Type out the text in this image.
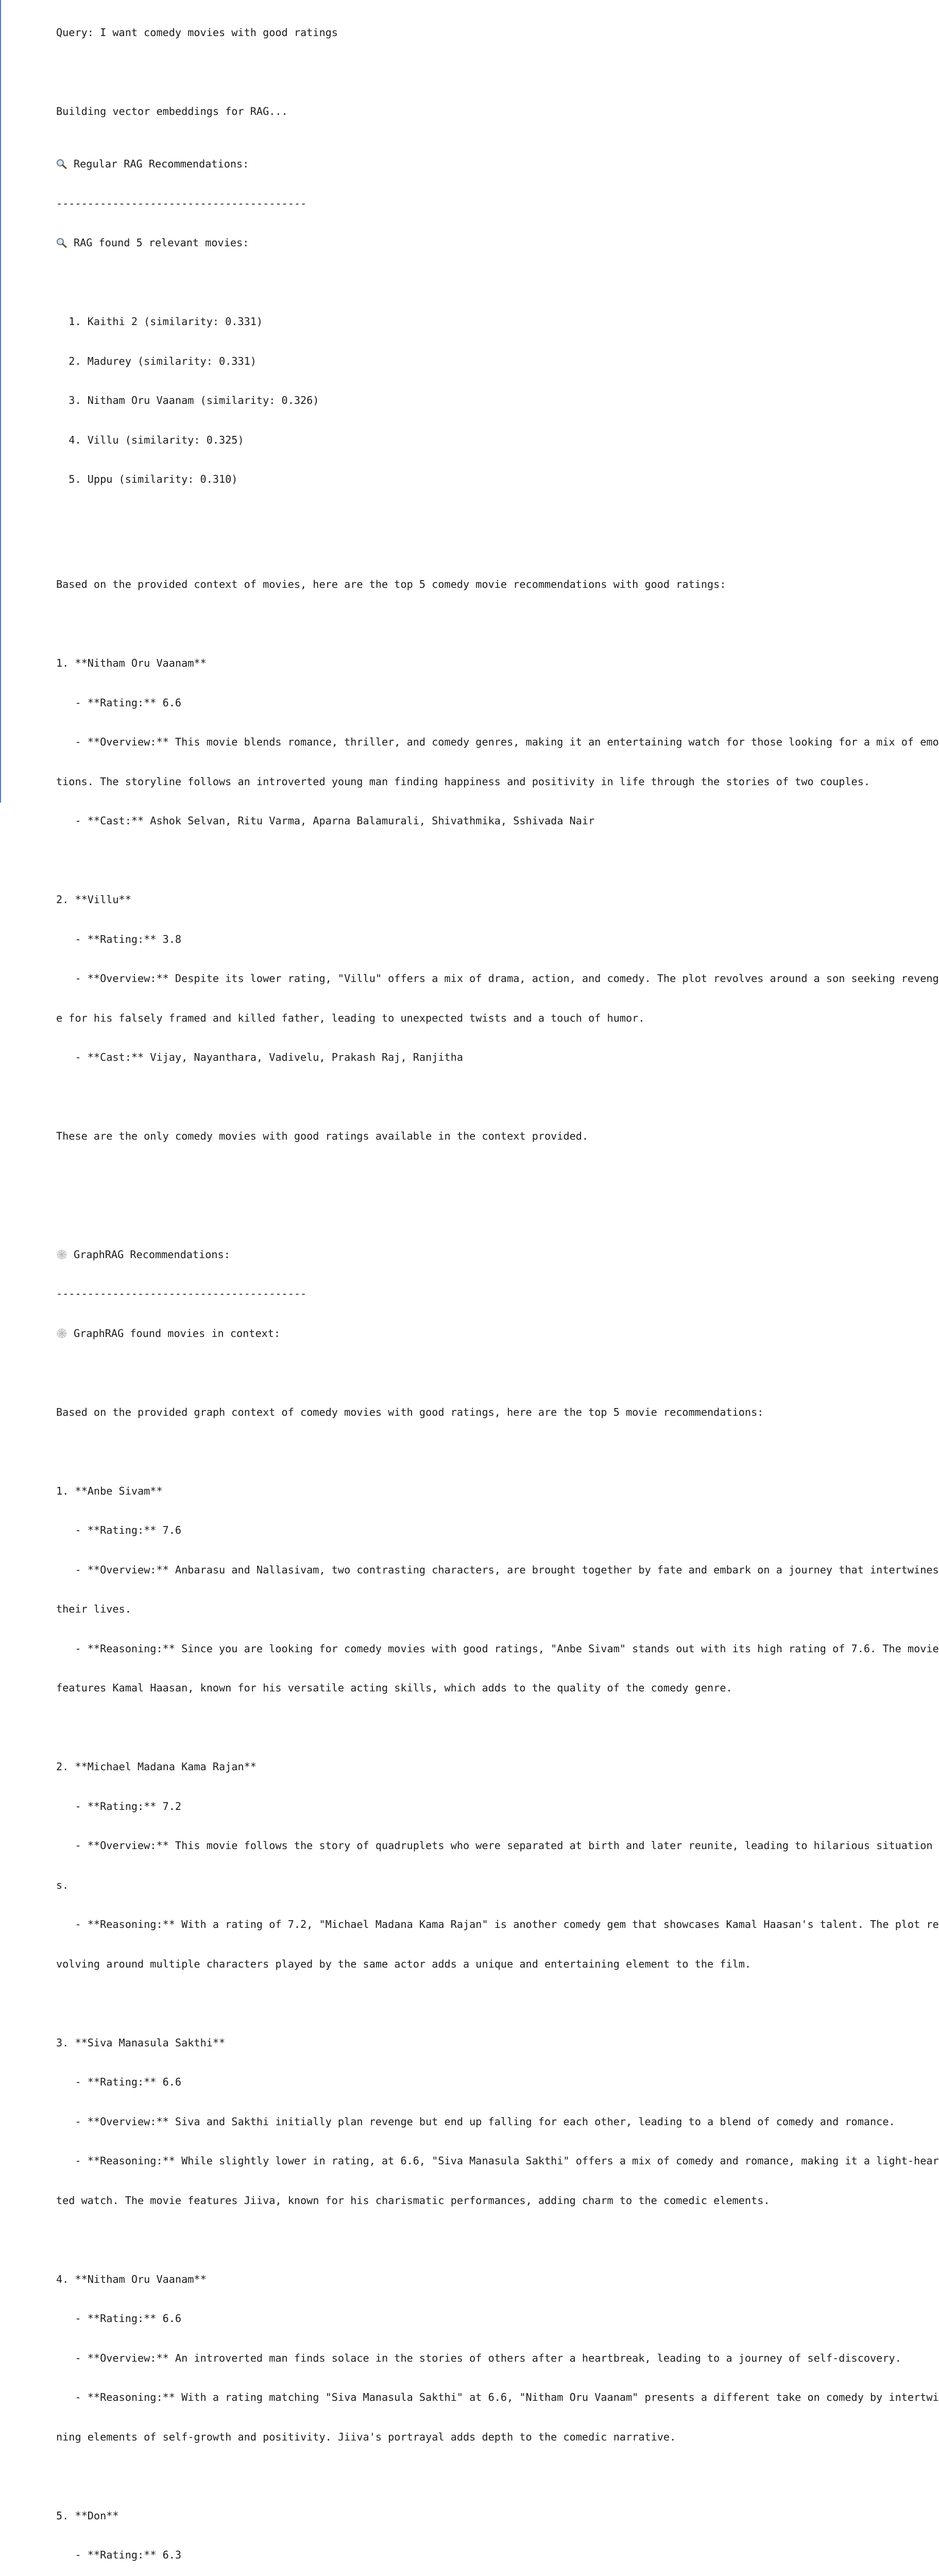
Query: I want comedy movies with good ratings

Building vector embeddings for RAG...

Regular RAG Recommendations:

----------------------------------------

RAG found 5 relevant movies:

1. Kaithi 2 (similarity: 0.331)

2. Madurey (similarity: 0.331)

3. Nitham Oru Vaanam (similarity: 0.326)

4. Villu (similarity: 0.325)

5. Uppu (similarity: 0.310)

Based on the provided context of movies, here are the top 5 comedy movie recommendations with good ratings:

1. **Nitham Oru Vaanam**

- **Rating:** 6.6

- **Overview:** This movie blends romance, thriller, and comedy genres, making it an entertaining watch for those looking for a mix of emo

tions. The storyline follows an introverted young man finding happiness and positivity in life through the stories of two couples.

- **Cast:** Ashok Selvan, Ritu Varma, Aparna Balamurali, Shivathmika, Sshivada Nair

2. **Villu**

- **Rating:** 3.8

- **Overview:** Despite its lower rating, "Villu" offers a mix of drama, action, and comedy. The plot revolves around a son seeking reveng

e for his falsely framed and killed father, leading to unexpected twists and a touch of humor.

- **Cast:** Vijay, Nayanthara, Vadivelu, Prakash Raj, Ranjitha

These are the only comedy movies with good ratings available in the context provided.

GraphRAG Recommendations:

----------------------------------------

GraphRAG found movies in context:

Based on the provided graph context of comedy movies with good ratings, here are the top 5 movie recommendations:

1. **Anbe Sivam**

- **Rating:** 7.6

- **Overview:** Anbarasu and Nallasivam, two contrasting characters, are brought together by fate and embark on a journey that intertwines

their lives.

- **Reasoning:** Since you are looking for comedy movies with good ratings, "Anbe Sivam" stands out with its high rating of 7.6. The movie

features Kamal Haasan, known for his versatile acting skills, which adds to the quality of the comedy genre.

2. **Michael Madana Kama Rajan**

- **Rating:** 7.2

- **Overview:** This movie follows the story of quadruplets who were separated at birth and later reunite, leading to hilarious situation

s.

- **Reasoning:** With a rating of 7.2, "Michael Madana Kama Rajan" is another comedy gem that showcases Kamal Haasan's talent. The plot re

volving around multiple characters played by the same actor adds a unique and entertaining element to the film.

3. **Siva Manasula Sakthi**

- **Rating:** 6.6

- **Overview:** Siva and Sakthi initially plan revenge but end up falling for each other, leading to a blend of comedy and romance.

- **Reasoning:** While slightly lower in rating, at 6.6, "Siva Manasula Sakthi" offers a mix of comedy and romance, making it a light-hear

ted watch. The movie features Jiiva, known for his charismatic performances, adding charm to the comedic elements.

4. **Nitham Oru Vaanam**

- **Rating:** 6.6

- **Overview:** An introverted man finds solace in the stories of others after a heartbreak, leading to a journey of self-discovery.

- **Reasoning:** With a rating matching "Siva Manasula Sakthi" at 6.6, "Nitham Oru Vaanam" presents a different take on comedy by intertwi

ning elements of self-growth and positivity. Jiiva's portrayal adds depth to the comedic narrative.

5. **Don**

- **Rating:** 6.3
